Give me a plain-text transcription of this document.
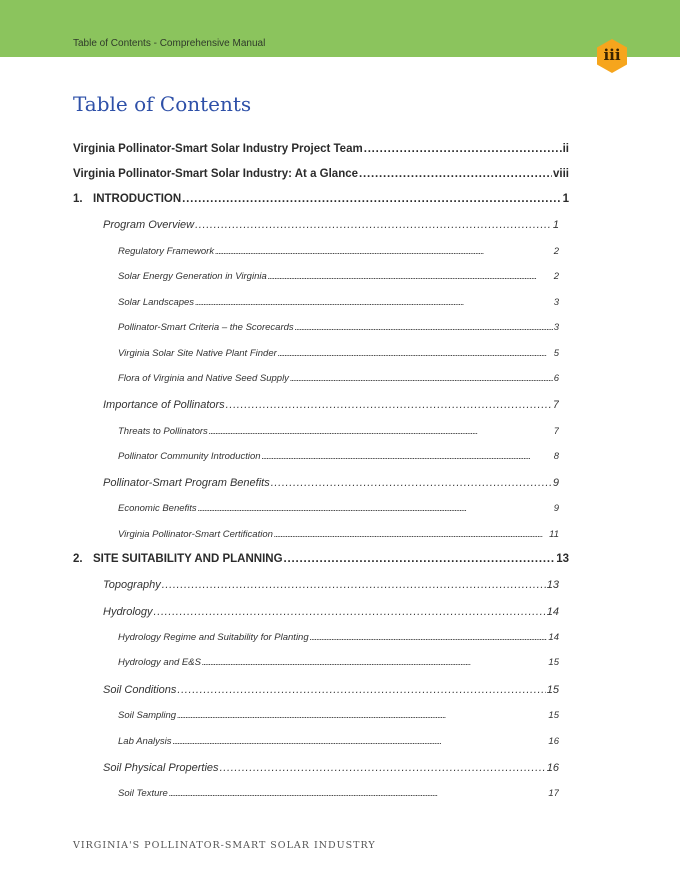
Table of Contents - Comprehensive Manual
iii
Table of Contents
Virginia Pollinator-Smart Solar Industry Project Team . . .	ii
Virginia Pollinator-Smart Solar Industry: At a Glance . . .	viii
1. INTRODUCTION . . .	1
Program Overview . . .	1
Regulatory Framework . . .	2
Solar Energy Generation in Virginia . . .	2
Solar Landscapes . . .	3
Pollinator-Smart Criteria – the Scorecards . . .	3
Virginia Solar Site Native Plant Finder . . .	5
Flora of Virginia and Native Seed Supply . . .	6
Importance of Pollinators . . .	7
Threats to Pollinators . . .	7
Pollinator Community Introduction . . .	8
Pollinator-Smart Program Benefits . . .	9
Economic Benefits . . .	9
Virginia Pollinator-Smart Certification . . .	11
2. SITE SUITABILITY AND PLANNING . . .	13
Topography . . .	13
Hydrology . . .	14
Hydrology Regime and Suitability for Planting . . .	14
Hydrology and E&S . . .	15
Soil Conditions . . .	15
Soil Sampling . . .	15
Lab Analysis . . .	16
Soil Physical Properties . . .	16
Soil Texture . . .	17
VIRGINIA'S POLLINATOR-SMART SOLAR INDUSTRY
